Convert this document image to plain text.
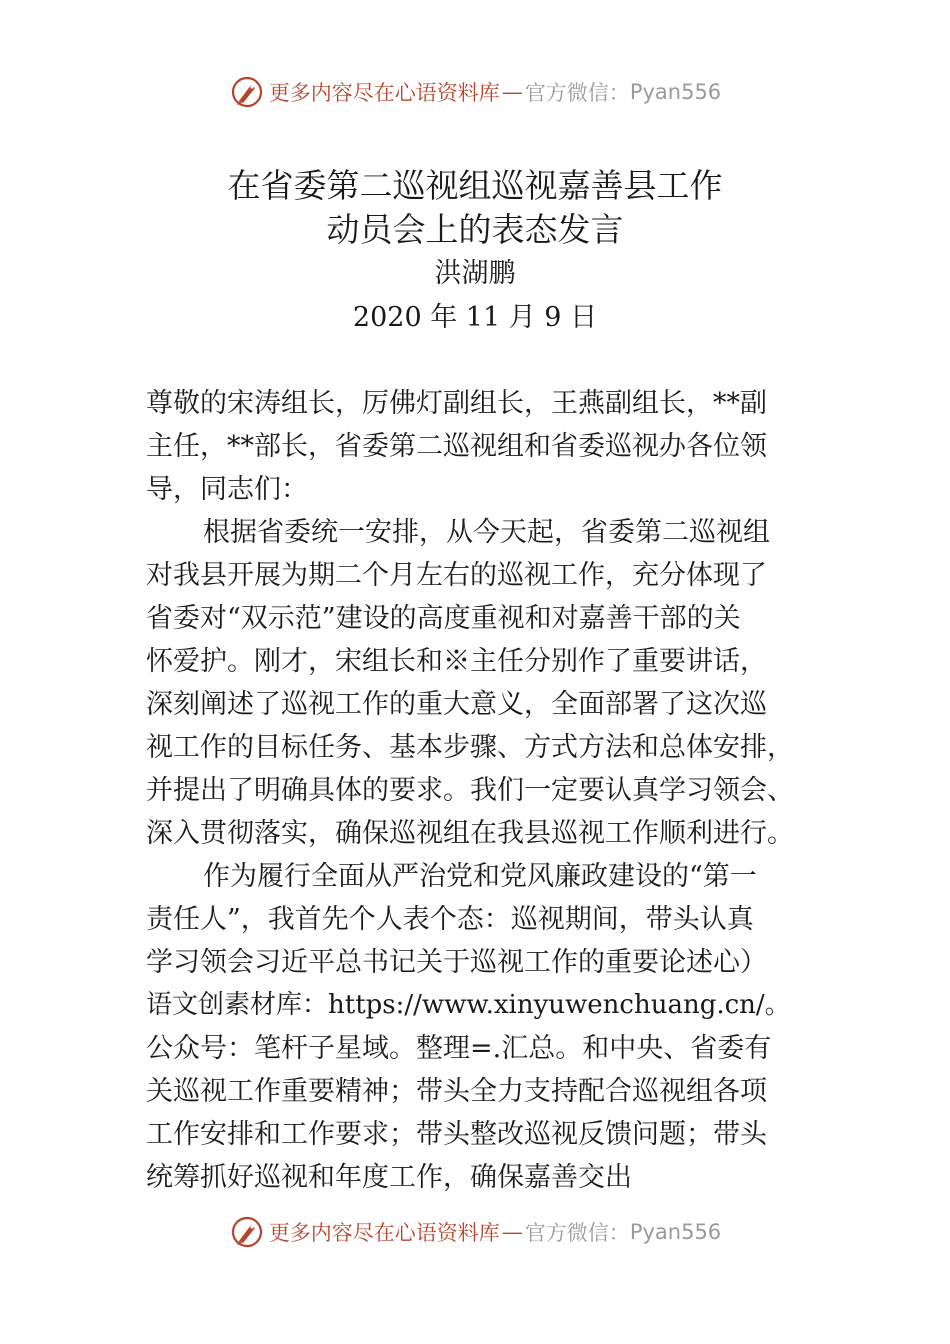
更多内容尽在心语资料库 — 官方微信： Pyan556
在省委第二巡视组巡视嘉善县工作
动员会上的表态发言
洪湖鹏
2020 年 11 月 9 日
尊敬的宋涛组长，厉佛灯副组长，王燕副组长，**副
主任，**部长，省委第二巡视组和省委巡视办各位领
导，同志们：
根据省委统一安排，从今天起，省委第二巡视组
对我县开展为期二个月左右的巡视工作，充分体现了
省委对“双示范”建设的高度重视和对嘉善干部的关
怀爱护。刚才，宋组长和※主任分别作了重要讲话，
深刻阐述了巡视工作的重大意义，全面部署了这次巡
视工作的目标任务、基本步骤、方式方法和总体安排，
并提出了明确具体的要求。我们一定要认真学习领会、
深入贯彻落实，确保巡视组在我县巡视工作顺利进行。
作为履行全面从严治党和党风廉政建设的“第一
责任人”，我首先个人表个态：巡视期间，带头认真
学习领会习近平总书记关于巡视工作的重要论述心）
语文创素材库：https://www.xinyuwenchuang.cn/。
公众号：笔杆子星域。整理=.汇总。和中央、省委有
关巡视工作重要精神；带头全力支持配合巡视组各项
工作安排和工作要求；带头整改巡视反馈问题；带头
统筹抓好巡视和年度工作，确保嘉善交出
更多内容尽在心语资料库 — 官方微信： Pyan556
